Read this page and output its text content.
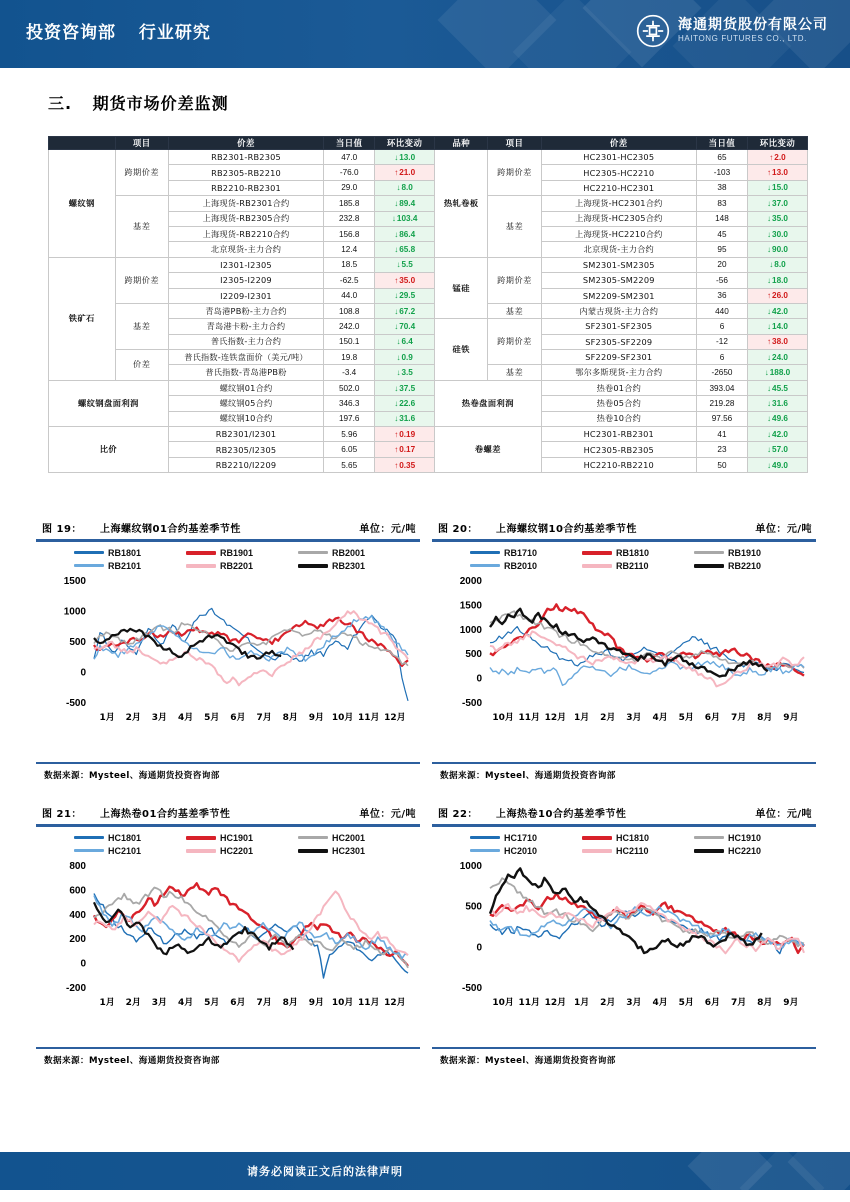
投资咨询部 行业研究	海通期货股份有限公司
HAITONG FUTURES CO., LTD.
三. 期货市场价差监测
	项目	价差	当日值	环比变动	品种	项目	价差	当日值	环比变动
螺纹钢	跨期价差	RB2301-RB2305	47.0	↓13.0	热轧卷板	跨期价差	HC2301-HC2305	65	↑2.0
		RB2305-RB2210	-76.0	↑21.0			HC2305-HC2210	-103	↑13.0
		RB2210-RB2301	29.0	↓8.0			HC2210-HC2301	38	↓15.0
	基差	上海现货-RB2301合约	185.8	↓89.4		基差	上海现货-HC2301合约	83	↓37.0
		上海现货-RB2305合约	232.8	↓103.4			上海现货-HC2305合约	148	↓35.0
		上海现货-RB2210合约	156.8	↓86.4			上海现货-HC2210合约	45	↓30.0
		北京现货-主力合约	12.4	↓65.8			北京现货-主力合约	95	↓90.0
铁矿石	跨期价差	I2301-I2305	18.5	↓5.5	锰硅	跨期价差	SM2301-SM2305	20	↓8.0
		I2305-I2209	-62.5	↑35.0			SM2305-SM2209	-56	↓18.0
		I2209-I2301	44.0	↓29.5			SM2209-SM2301	36	↑26.0
	基差	青岛港PB粉-主力合约	108.8	↓67.2		基差	内蒙古现货-主力合约	440	↓42.0
		青岛港卡粉-主力合约	242.0	↓70.4	硅铁	跨期价差	SF2301-SF2305	6	↓14.0
		普氏指数-主力合约	150.1	↓6.4			SF2305-SF2209	-12	↑38.0
	价差	普氏指数-连铁盘面价（美元/吨）	19.8	↓0.9			SF2209-SF2301	6	↓24.0
		普氏指数-青岛港PB粉	-3.4	↓3.5		基差	鄂尔多斯现货-主力合约	-2650	↓188.0
螺纹钢盘面利润		螺纹钢01合约	502.0	↓37.5	热卷盘面利润		热卷01合约	393.04	↓45.5
		螺纹钢05合约	346.3	↓22.6			热卷05合约	219.28	↓31.6
		螺纹钢10合约	197.6	↓31.6			热卷10合约	97.56	↓49.6
比价		RB2301/I2301	5.96	↑0.19	卷螺差		HC2301-RB2301	41	↓42.0
		RB2305/I2305	6.05	↑0.17			HC2305-RB2305	23	↓57.0
		RB2210/I2209	5.65	↑0.35			HC2210-RB2210	50	↓49.0
图 19：	上海螺纹钢01合约基差季节性	单位：元/吨
RB1801	RB1901	RB2001
RB2101	RB2201	RB2301
-500
0
500
1000
1500
1月 2月 3月 4月 5月 6月 7月 8月 9月 10月 11月 12月
数据来源：Mysteel、海通期货投资咨询部
图 20：	上海螺纹钢10合约基差季节性	单位：元/吨
RB1710	RB1810	RB1910
RB2010	RB2110	RB2210
-500
0
500
1000
1500
2000
10月 11月 12月 1月 2月 3月 4月 5月 6月 7月 8月 9月
数据来源：Mysteel、海通期货投资咨询部
图 21：	上海热卷01合约基差季节性	单位：元/吨
HC1801	HC1901	HC2001
HC2101	HC2201	HC2301
-200
0
200
400
600
800
1月 2月 3月 4月 5月 6月 7月 8月 9月 10月 11月 12月
数据来源：Mysteel、海通期货投资咨询部
图 22：	上海热卷10合约基差季节性	单位：元/吨
HC1710	HC1810	HC1910
HC2010	HC2110	HC2210
-500
0
500
1000
10月 11月 12月 1月 2月 3月 4月 5月 6月 7月 8月 9月
数据来源：Mysteel、海通期货投资咨询部
请务必阅读正文后的法律声明
